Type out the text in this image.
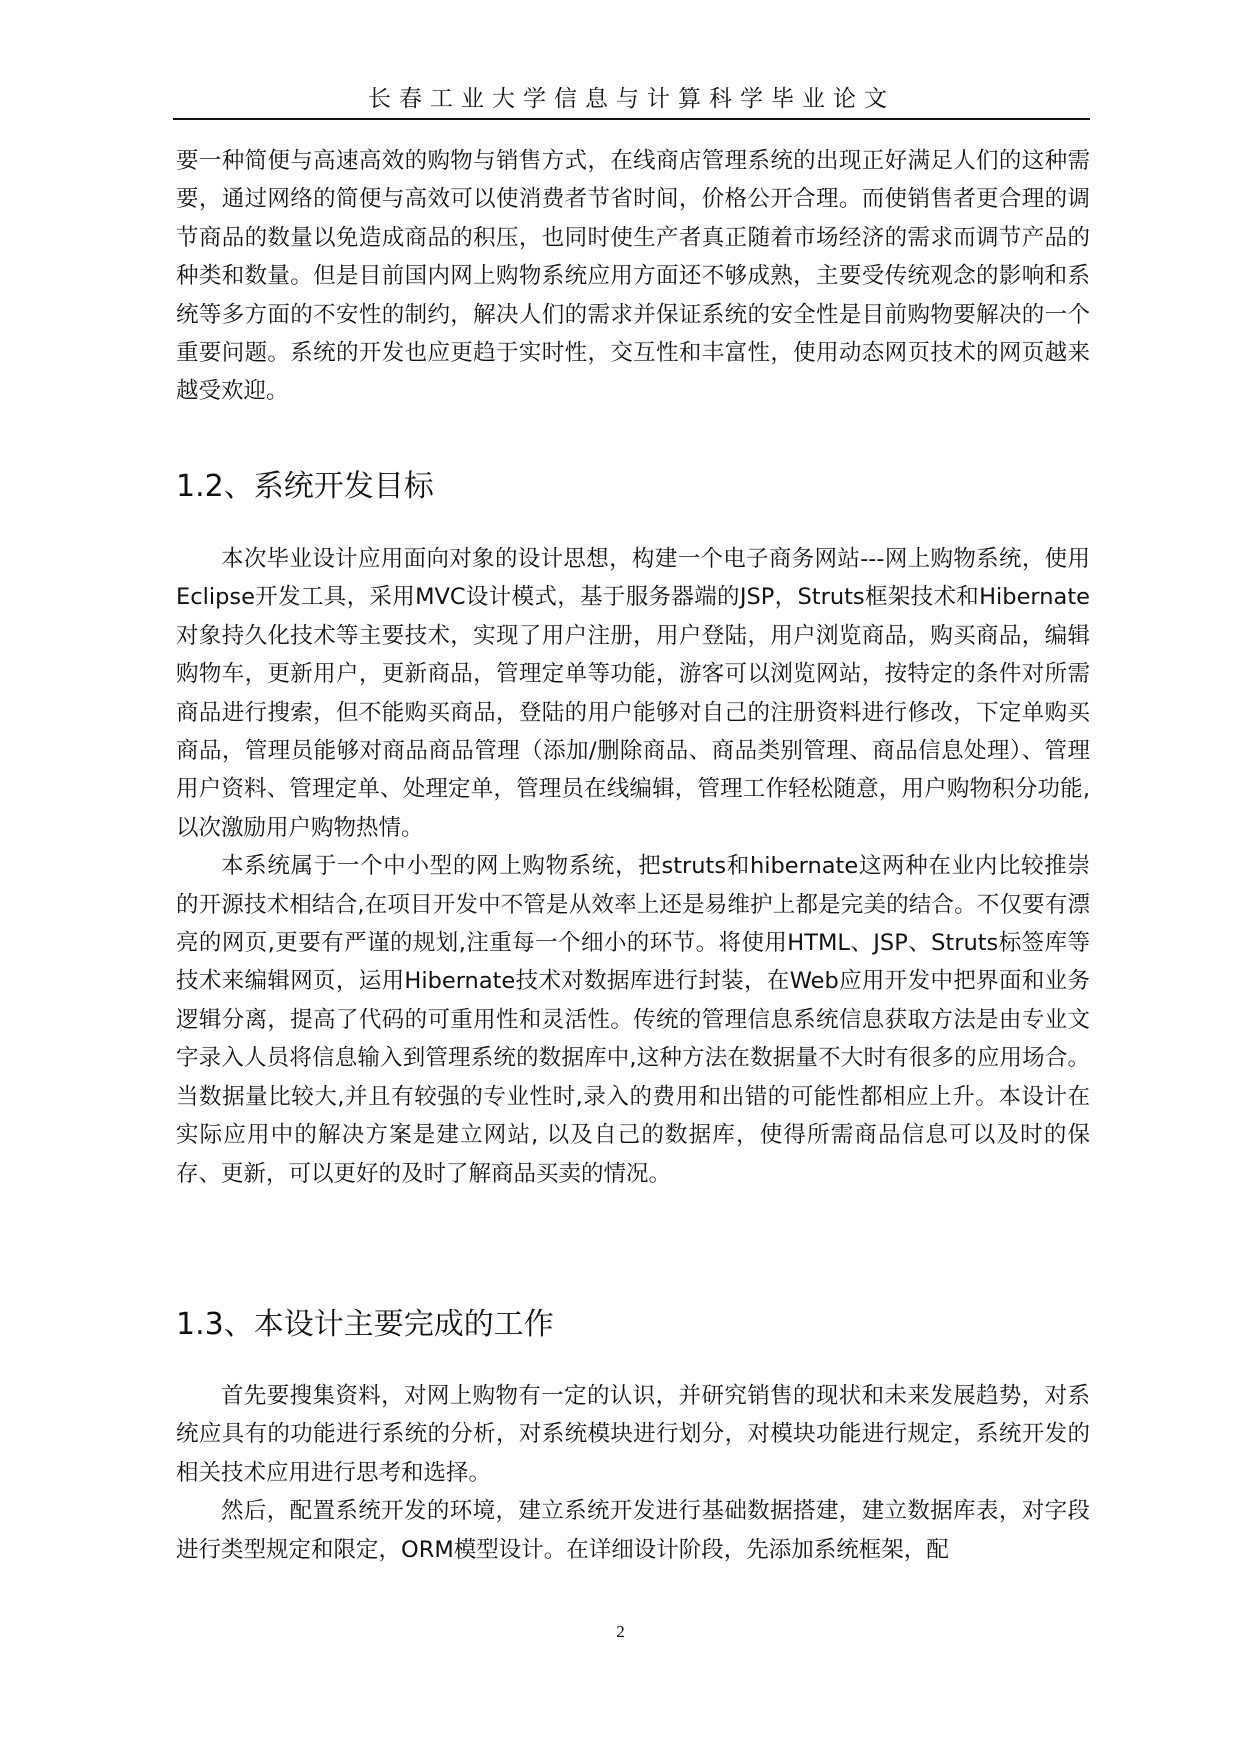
长春工业大学信息与计算科学毕业论文

要一种简便与高速高效的购物与销售方式，在线商店管理系统的出现正好满足人们的这种需要，通过网络的简便与高效可以使消费者节省时间，价格公开合理。而使销售者更合理的调节商品的数量以免造成商品的积压，也同时使生产者真正随着市场经济的需求而调节产品的种类和数量。但是目前国内网上购物系统应用方面还不够成熟，主要受传统观念的影响和系统等多方面的不安性的制约，解决人们的需求并保证系统的安全性是目前购物要解决的一个重要问题。系统的开发也应更趋于实时性，交互性和丰富性，使用动态网页技术的网页越来越受欢迎。

1.2、系统开发目标

本次毕业设计应用面向对象的设计思想，构建一个电子商务网站---网上购物系统，使用Eclipse开发工具，采用MVC设计模式，基于服务器端的JSP，Struts框架技术和Hibernate对象持久化技术等主要技术，实现了用户注册，用户登陆，用户浏览商品，购买商品，编辑购物车，更新用户，更新商品，管理定单等功能，游客可以浏览网站，按特定的条件对所需商品进行搜索，但不能购买商品，登陆的用户能够对自己的注册资料进行修改，下定单购买商品，管理员能够对商品商品管理（添加/删除商品、商品类别管理、商品信息处理）、管理用户资料、管理定单、处理定单，管理员在线编辑，管理工作轻松随意，用户购物积分功能,以次激励用户购物热情。

本系统属于一个中小型的网上购物系统，把struts和hibernate这两种在业内比较推崇的开源技术相结合,在项目开发中不管是从效率上还是易维护上都是完美的结合。不仅要有漂亮的网页,更要有严谨的规划,注重每一个细小的环节。将使用HTML、JSP、Struts标签库等技术来编辑网页，运用Hibernate技术对数据库进行封装，在Web应用开发中把界面和业务逻辑分离，提高了代码的可重用性和灵活性。传统的管理信息系统信息获取方法是由专业文字录入人员将信息输入到管理系统的数据库中,这种方法在数据量不大时有很多的应用场合。当数据量比较大,并且有较强的专业性时,录入的费用和出错的可能性都相应上升。本设计在实际应用中的解决方案是建立网站, 以及自己的数据库，使得所需商品信息可以及时的保存、更新，可以更好的及时了解商品买卖的情况。

1.3、本设计主要完成的工作

首先要搜集资料，对网上购物有一定的认识，并研究销售的现状和未来发展趋势，对系统应具有的功能进行系统的分析，对系统模块进行划分，对模块功能进行规定，系统开发的相关技术应用进行思考和选择。

然后，配置系统开发的环境，建立系统开发进行基础数据搭建，建立数据库表，对字段进行类型规定和限定，ORM模型设计。在详细设计阶段，先添加系统框架，配

2
